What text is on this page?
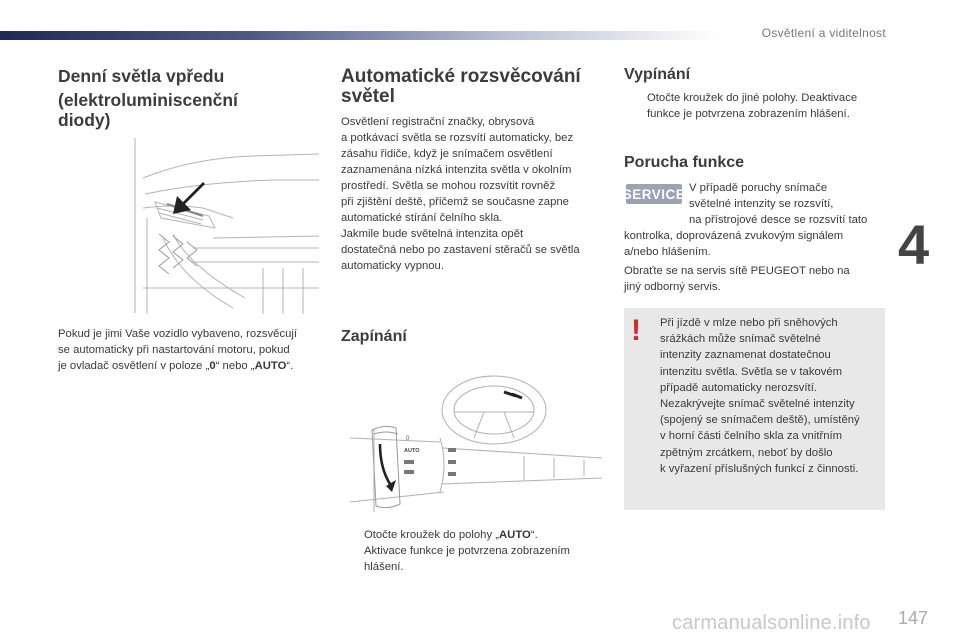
Osvětlení a viditelnost
4
147
carmanualsonline.info
Denní světla vpředu
(elektroluminiscenční
diody)
Pokud je jimi Vaše vozidlo vybaveno, rozsvěcují
se automaticky při nastartování motoru, pokud
je ovladač osvětlení v poloze „0“ nebo „AUTO“.
Automatické rozsvěcování
světel
Osvětlení registrační značky, obrysová
a potkávací světla se rozsvítí automaticky, bez
zásahu řidiče, když je snímačem osvětlení
zaznamenána nízká intenzita světla v okolním
prostředí. Světla se mohou rozsvítit rovněž
při zjištění deště, přičemž se současne zapne
automatické stírání čelního skla.
Jakmile bude světelná intenzita opět
dostatečná nebo po zastavení stěračů se světla
automaticky vypnou.
Zapínání
0
AUTO
Otočte kroužek do polohy „AUTO“.
Aktivace funkce je potvrzena zobrazením
hlášení.
Vypínání
Otočte kroužek do jiné polohy. Deaktivace
funkce je potvrzena zobrazením hlášení.
Porucha funkce
SERVICE V případě poruchy snímače
světelné intenzity se rozsvítí,
na přístrojové desce se rozsvítí tato
kontrolka, doprovázená zvukovým signálem
a/nebo hlášením.
Obraťte se na servis sítě PEUGEOT nebo na
jiný odborný servis.
! Při jízdě v mlze nebo při sněhových
srážkách může snímač světelné
intenzity zaznamenat dostatečnou
intenzitu světla. Světla se v takovém
případě automaticky nerozsvítí.
Nezakrývejte snímač světelné intenzity
(spojený se snímačem deště), umístěný
v horní části čelního skla za vnitřním
zpětným zrcátkem, neboť by došlo
k vyřazení příslušných funkcí z činnosti.
